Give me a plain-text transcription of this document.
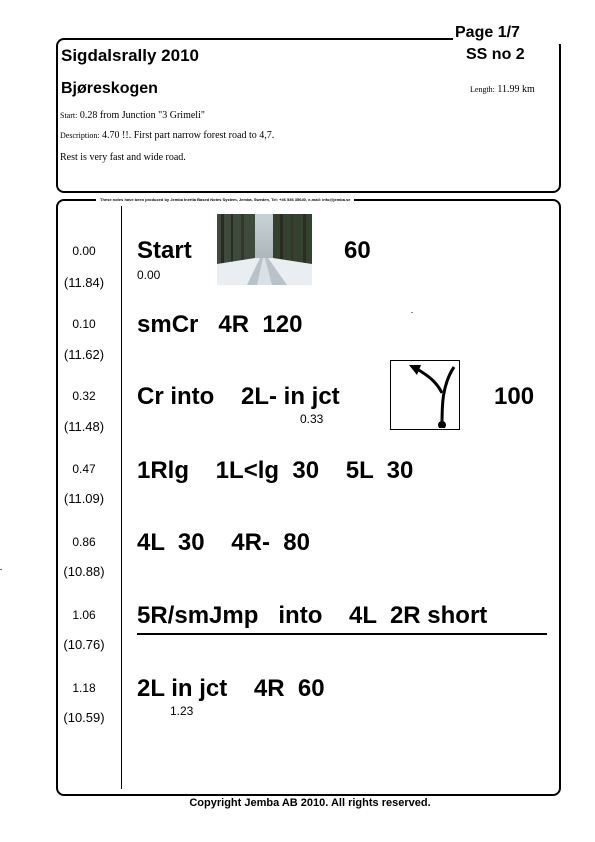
Page 1/7
SS no 2
Sigdalsrally 2010
Bjøreskogen	Length: 11.99 km
Start: 0.28 from Junction "3 Grimeli"
Description: 4.70 !!. First part narrow forest road to 4,7.
Rest is very fast and wide road.
These notes have been produced by Jemba Inertia Based Notes System, Jemba, Sweden, Tel: +46 536 35640, e-mail: info@jemba.se
0.00
(11.84)
Start
0.00
60
0.10
(11.62)
smCr   4R  120
0.32
(11.48)
Cr into    2L- in jct
0.33
100
0.47
(11.09)
1Rlg    1L<lg  30    5L  30
0.86
(10.88)
4L  30    4R-  80
1.06
(10.76)
5R/smJmp   into    4L  2R short
1.18
(10.59)
2L in jct    4R  60
1.23
Copyright Jemba AB 2010. All rights reserved.
